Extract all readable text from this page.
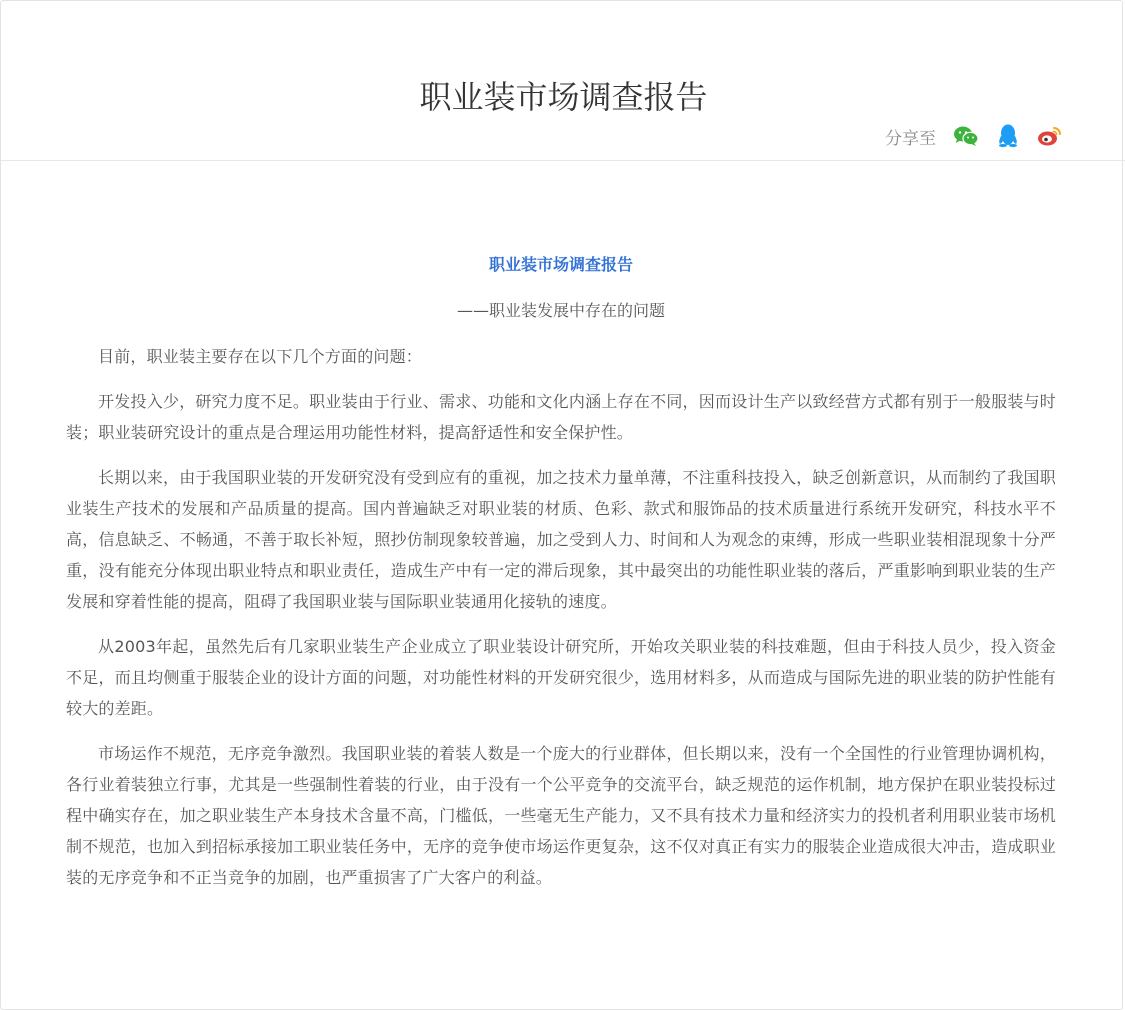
职业装市场调查报告
分享至

职业装市场调查报告

——职业装发展中存在的问题

目前，职业装主要存在以下几个方面的问题：

开发投入少，研究力度不足。职业装由于行业、需求、功能和文化内涵上存在不同，因而设计生产以致经营方式都有别于一般服装与时装；职业装研究设计的重点是合理运用功能性材料，提高舒适性和安全保护性。

长期以来，由于我国职业装的开发研究没有受到应有的重视，加之技术力量单薄，不注重科技投入，缺乏创新意识，从而制约了我国职业装生产技术的发展和产品质量的提高。国内普遍缺乏对职业装的材质、色彩、款式和服饰品的技术质量进行系统开发研究，科技水平不高，信息缺乏、不畅通，不善于取长补短，照抄仿制现象较普遍，加之受到人力、时间和人为观念的束缚，形成一些职业装相混现象十分严重，没有能充分体现出职业特点和职业责任，造成生产中有一定的滞后现象，其中最突出的功能性职业装的落后，严重影响到职业装的生产发展和穿着性能的提高，阻碍了我国职业装与国际职业装通用化接轨的速度。

从2003年起，虽然先后有几家职业装生产企业成立了职业装设计研究所，开始攻关职业装的科技难题，但由于科技人员少，投入资金不足，而且均侧重于服装企业的设计方面的问题，对功能性材料的开发研究很少，选用材料多，从而造成与国际先进的职业装的防护性能有较大的差距。

市场运作不规范，无序竞争激烈。我国职业装的着装人数是一个庞大的行业群体，但长期以来，没有一个全国性的行业管理协调机构，各行业着装独立行事，尤其是一些强制性着装的行业，由于没有一个公平竞争的交流平台，缺乏规范的运作机制，地方保护在职业装投标过程中确实存在，加之职业装生产本身技术含量不高，门槛低，一些毫无生产能力，又不具有技术力量和经济实力的投机者利用职业装市场机制不规范，也加入到招标承接加工职业装任务中，无序的竞争使市场运作更复杂，这不仅对真正有实力的服装企业造成很大冲击，造成职业装的无序竞争和不正当竞争的加剧，也严重损害了广大客户的利益。
